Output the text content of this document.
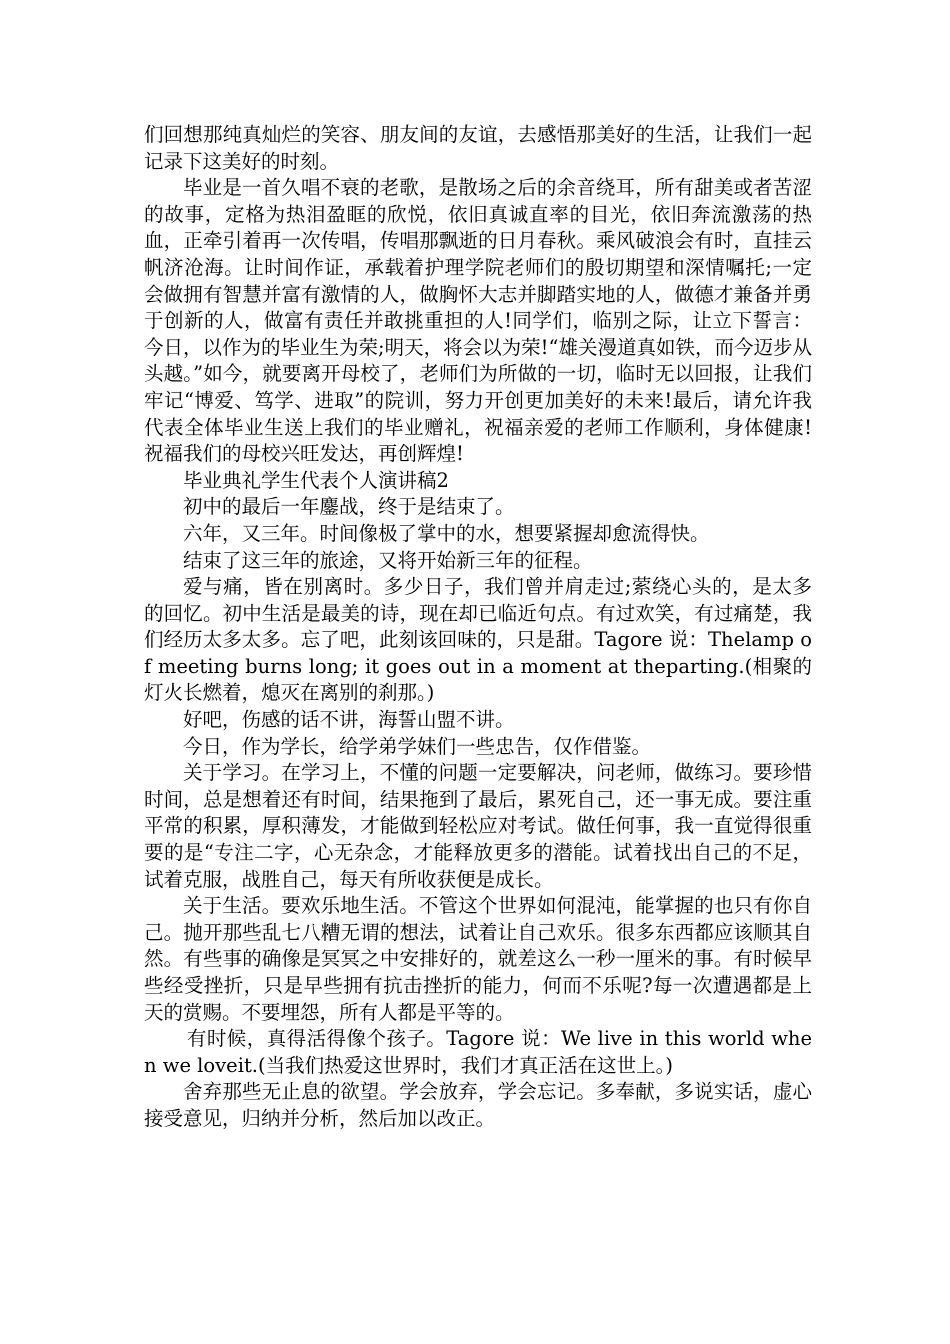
们回想那纯真灿烂的笑容、朋友间的友谊，去感悟那美好的生活，让我们一起记录下这美好的时刻。

毕业是一首久唱不衰的老歌，是散场之后的余音绕耳，所有甜美或者苦涩的故事，定格为热泪盈眶的欣悦，依旧真诚直率的目光，依旧奔流激荡的热血，正牵引着再一次传唱，传唱那飘逝的日月春秋。乘风破浪会有时，直挂云帆济沧海。让时间作证，承载着护理学院老师们的殷切期望和深情嘱托;一定会做拥有智慧并富有激情的人，做胸怀大志并脚踏实地的人，做德才兼备并勇于创新的人，做富有责任并敢挑重担的人!同学们，临别之际，让立下誓言：今日，以作为的毕业生为荣;明天，将会以为荣!“雄关漫道真如铁，而今迈步从头越。”如今，就要离开母校了，老师们为所做的一切，临时无以回报，让我们牢记“博爱、笃学、进取”的院训，努力开创更加美好的未来!最后，请允许我代表全体毕业生送上我们的毕业赠礼，祝福亲爱的老师工作顺利，身体健康!祝福我们的母校兴旺发达，再创辉煌!

毕业典礼学生代表个人演讲稿2

初中的最后一年鏖战，终于是结束了。

六年，又三年。时间像极了掌中的水，想要紧握却愈流得快。

结束了这三年的旅途，又将开始新三年的征程。

爱与痛，皆在别离时。多少日子，我们曾并肩走过;萦绕心头的，是太多的回忆。初中生活是最美的诗，现在却已临近句点。有过欢笑，有过痛楚，我们经历太多太多。忘了吧，此刻该回味的，只是甜。Tagore 说：Thelamp of meeting burns long; it goes out in a moment at theparting.(相聚的灯火长燃着，熄灭在离别的刹那。)

好吧，伤感的话不讲，海誓山盟不讲。

今日，作为学长，给学弟学妹们一些忠告，仅作借鉴。

关于学习。在学习上，不懂的问题一定要解决，问老师，做练习。要珍惜时间，总是想着还有时间，结果拖到了最后，累死自己，还一事无成。要注重平常的积累，厚积薄发，才能做到轻松应对考试。做任何事，我一直觉得很重要的是“专注二字，心无杂念，才能释放更多的潜能。试着找出自己的不足，试着克服，战胜自己，每天有所收获便是成长。

关于生活。要欢乐地生活。不管这个世界如何混沌，能掌握的也只有你自己。抛开那些乱七八糟无谓的想法，试着让自己欢乐。很多东西都应该顺其自然。有些事的确像是冥冥之中安排好的，就差这么一秒一厘米的事。有时候早些经受挫折，只是早些拥有抗击挫折的能力，何而不乐呢?每一次遭遇都是上天的赏赐。不要埋怨，所有人都是平等的。

有时候，真得活得像个孩子。Tagore 说：We live in this world when we loveit.(当我们热爱这世界时，我们才真正活在这世上。)

舍弃那些无止息的欲望。学会放弃，学会忘记。多奉献，多说实话，虚心接受意见，归纳并分析，然后加以改正。
